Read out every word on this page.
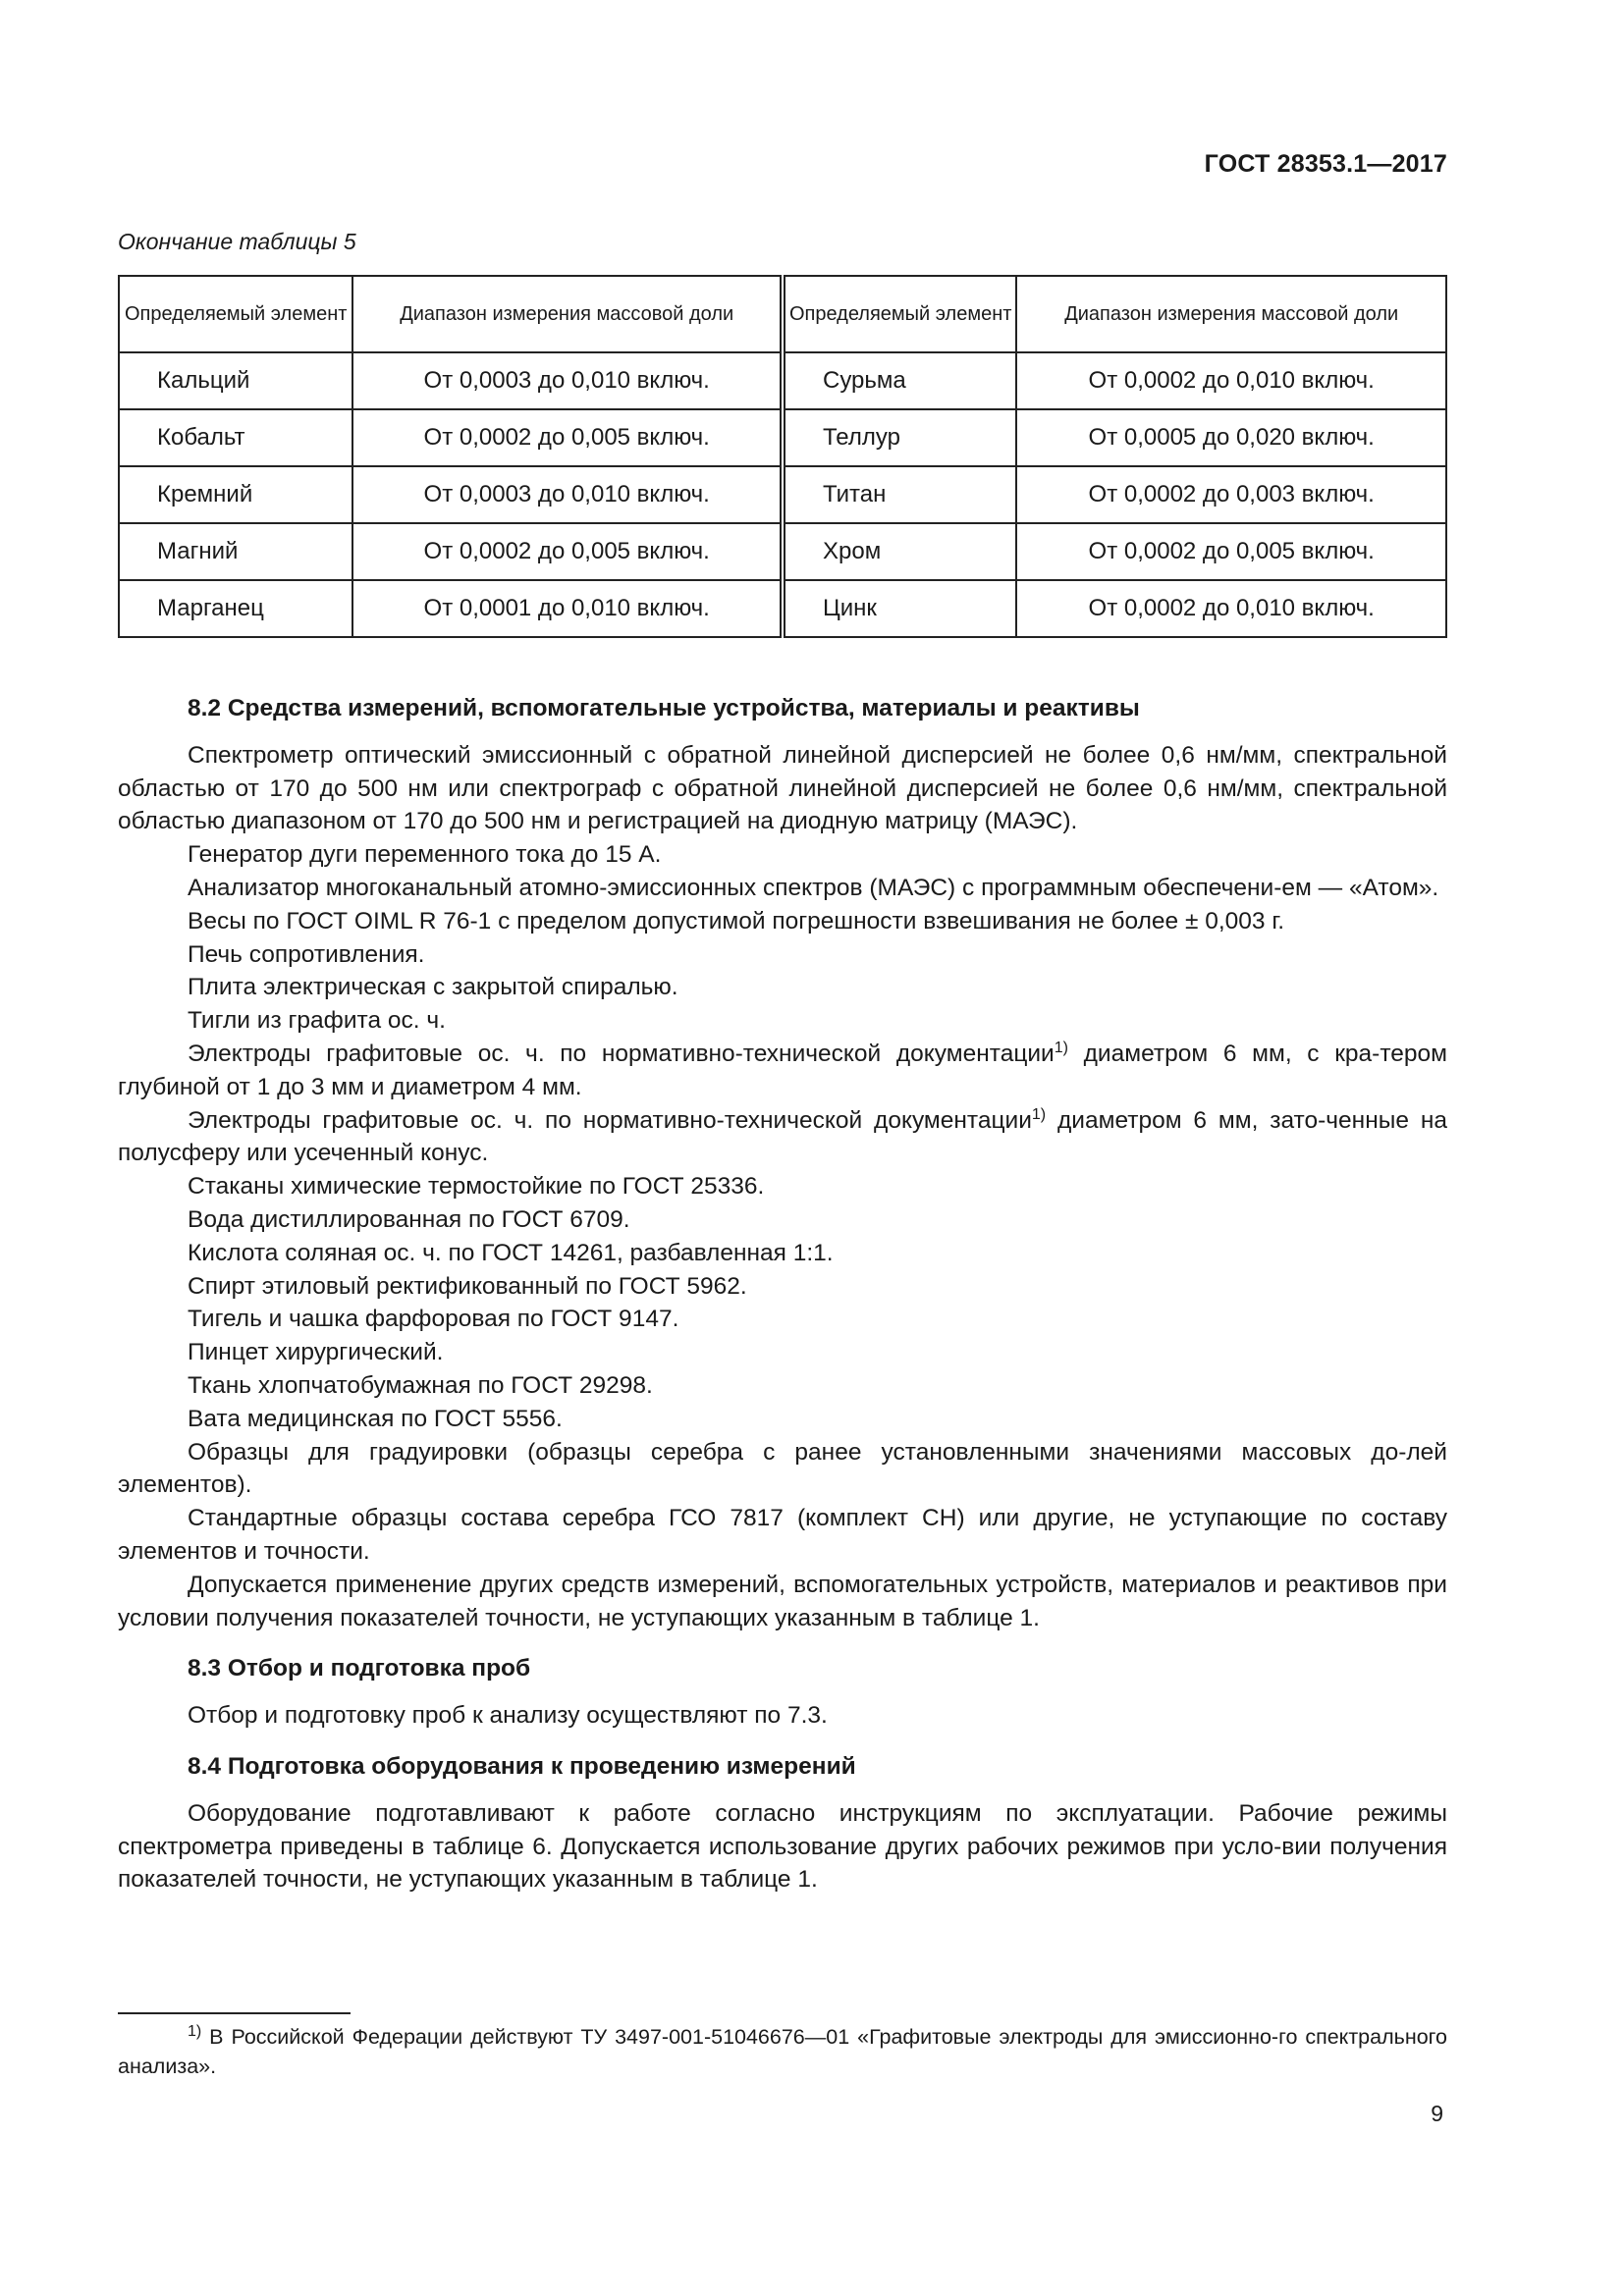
ГОСТ 28353.1—2017
Окончание таблицы 5
Определяемый элемент	Диапазон измерения массовой доли	Определяемый элемент	Диапазон измерения массовой доли
Кальций	От 0,0003 до 0,010 включ.	Сурьма	От 0,0002 до 0,010 включ.
Кобальт	От 0,0002 до 0,005 включ.	Теллур	От 0,0005 до 0,020 включ.
Кремний	От 0,0003 до 0,010 включ.	Титан	От 0,0002 до 0,003 включ.
Магний	От 0,0002 до 0,005 включ.	Хром	От 0,0002 до 0,005 включ.
Марганец	От 0,0001 до 0,010 включ.	Цинк	От 0,0002 до 0,010 включ.
8.2 Средства измерений, вспомогательные устройства, материалы и реактивы

Спектрометр оптический эмиссионный с обратной линейной дисперсией не более 0,6 нм/мм, спектральной областью от 170 до 500 нм или спектрограф с обратной линейной дисперсией не более 0,6 нм/мм, спектральной областью диапазоном от 170 до 500 нм и регистрацией на диодную матрицу (МАЭС).

Генератор дуги переменного тока до 15 А.

Анализатор многоканальный атомно-эмиссионных спектров (МАЭС) с программным обеспечени-ем — «Атом».

Весы по ГОСТ OIML R 76-1 с пределом допустимой погрешности взвешивания не более ± 0,003 г.

Печь сопротивления.

Плита электрическая с закрытой спиралью.

Тигли из графита ос. ч.

Электроды графитовые ос. ч. по нормативно-технической документации$^{1)}$ диаметром 6 мм, с кра-тером глубиной от 1 до 3 мм и диаметром 4 мм.

Электроды графитовые ос. ч. по нормативно-технической документации$^{1)}$ диаметром 6 мм, зато-ченные на полусферу или усеченный конус.

Стаканы химические термостойкие по ГОСТ 25336.

Вода дистиллированная по ГОСТ 6709.

Кислота соляная ос. ч. по ГОСТ 14261, разбавленная 1:1.

Спирт этиловый ректификованный по ГОСТ 5962.

Тигель и чашка фарфоровая по ГОСТ 9147.

Пинцет хирургический.

Ткань хлопчатобумажная по ГОСТ 29298.

Вата медицинская по ГОСТ 5556.

Образцы для градуировки (образцы серебра с ранее установленными значениями массовых до-лей элементов).

Стандартные образцы состава серебра ГСО 7817 (комплект СН) или другие, не уступающие по составу элементов и точности.

Допускается применение других средств измерений, вспомогательных устройств, материалов и реактивов при условии получения показателей точности, не уступающих указанным в таблице 1.

8.3 Отбор и подготовка проб

Отбор и подготовку проб к анализу осуществляют по 7.3.

8.4 Подготовка оборудования к проведению измерений

Оборудование подготавливают к работе согласно инструкциям по эксплуатации. Рабочие режимы спектрометра приведены в таблице 6. Допускается использование других рабочих режимов при усло-вии получения показателей точности, не уступающих указанным в таблице 1.

$^{1)}$ В Российской Федерации действуют ТУ 3497-001-51046676—01 «Графитовые электроды для эмиссионно-го спектрального анализа».
9
